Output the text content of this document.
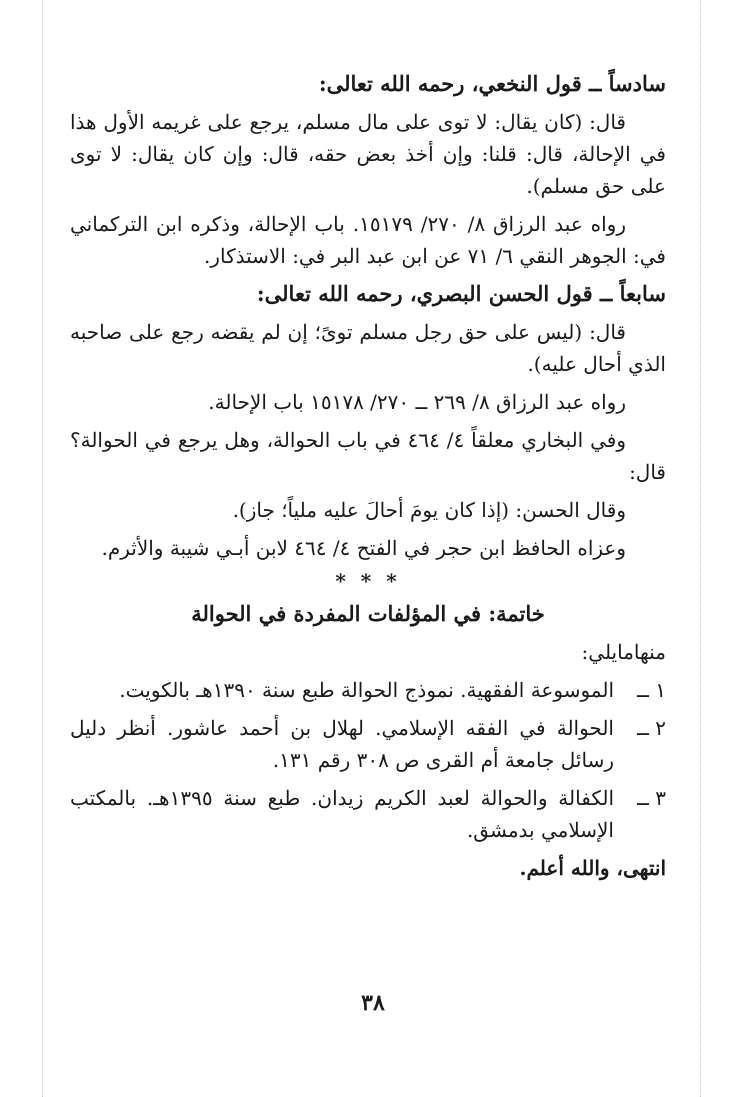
سادساً ــ قول النخعي، رحمه الله تعالى:

قال: (كان يقال: لا توى على مال مسلم، يرجع على غريمه الأول هذا في الإحالة، قال: قلنا: وإن أخذ بعض حقه، قال: وإن كان يقال: لا توى على حق مسلم).

رواه عبد الرزاق ٨/ ٢٧٠/ ١٥١٧٩. باب الإحالة، وذكره ابن التركماني في: الجوهر النقي ٦/ ٧١ عن ابن عبد البر في: الاستذكار.

سابعاً ــ قول الحسن البصري، رحمه الله تعالى:

قال: (ليس على حق رجل مسلم توىً؛ إن لم يقضه رجع على صاحبه الذي أحال عليه).

رواه عبد الرزاق ٨/ ٢٦٩ ــ ٢٧٠/ ١٥١٧٨ باب الإحالة.

وفي البخاري معلقاً ٤/ ٤٦٤ في باب الحوالة، وهل يرجع في الحوالة؟ قال:

وقال الحسن: (إذا كان يومَ أحالَ عليه ملياً؛ جاز).

وعزاه الحافظ ابن حجر في الفتح ٤/ ٤٦٤ لابن أبـي شيبة والأثرم.

* * *

خاتمة: في المؤلفات المفردة في الحوالة

منهامايلي:

١ ــ
الموسوعة الفقهية. نموذج الحوالة طبع سنة ١٣٩٠هـ بالكويت.
٢ ــ
الحوالة في الفقه الإسلامي. لهلال بن أحمد عاشور. أنظر دليل رسائل جامعة أم القرى ص ٣٠٨ رقم ١٣١.
٣ ــ
الكفالة والحوالة لعبد الكريم زيدان. طبع سنة ١٣٩٥هـ. بالمكتب الإسلامي بدمشق.

انتهى، والله أعلم.

٣٨
